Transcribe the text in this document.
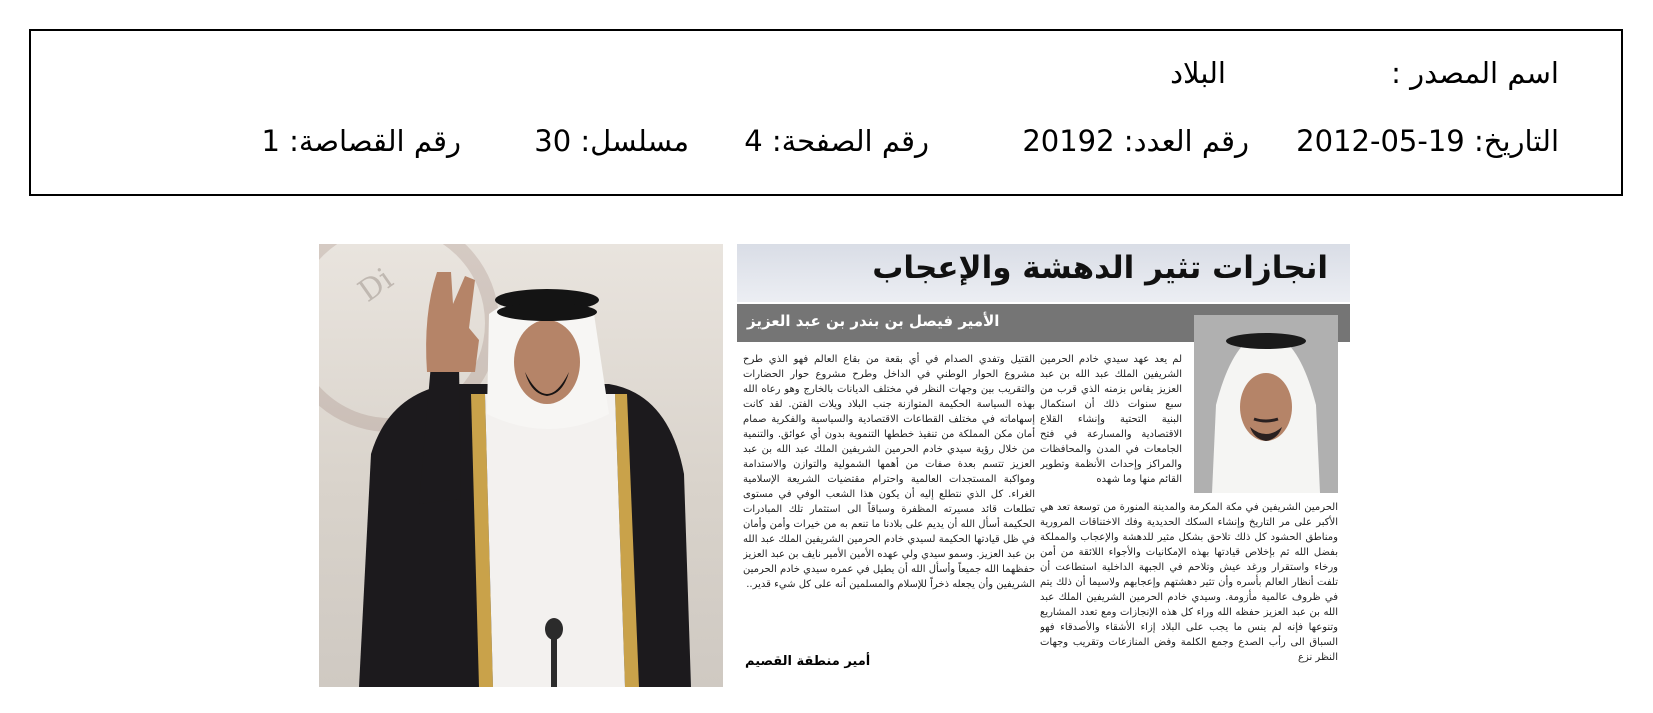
اسم المصدر :
البلاد
التاريخ: 19-05-2012
رقم العدد: 20192
رقم الصفحة: 4
مسلسل: 30
رقم القصاصة: 1
Di	انجازات تثير الدهشة والإعجاب
الأمير فيصل بن بندر بن عبد العزيز
لم يعد عهد سيدي خادم الحرمين الشريفين الملك عبد الله بن عبد العزيز يقاس بزمنه الذي قرب من سبع سنوات ذلك أن استكمال البنية التحتية وإنشاء القلاع الاقتصادية والمسارعة في فتح الجامعات في المدن والمحافظات والمراكز وإحداث الأنظمة وتطوير القائم منها وما شهده
القتيل وتفدي الصدام في أي بقعة من بقاع العالم فهو الذي طرح مشروع الحوار الوطني في الداخل وطرح مشروع حوار الحضارات والتقريب بين وجهات النظر في مختلف الديانات بالخارج وهو رعاه الله بهذه السياسة الحكيمة المتوازنة جنب البلاد ويلات الفتن. لقد كانت إسهاماته في مختلف القطاعات الاقتصادية والسياسية والفكرية صمام أمان مكن المملكة من تنفيذ خططها التنموية بدون أي عوائق. والتنمية من خلال رؤية سيدي خادم الحرمين الشريفين الملك عبد الله بن عبد العزيز تتسم بعدة صفات من أهمها الشمولية والتوازن والاستدامة ومواكبة المستجدات العالمية واحترام مقتضيات الشريعة الإسلامية الغراء. كل الذي نتطلع إليه أن يكون هذا الشعب الوفي في مستوى تطلعات قائد مسيرته المظفرة وسباقاً الى استثمار تلك المبادرات الحكيمة أسأل الله أن يديم على بلادنا ما تنعم به من خيرات وأمن وأمان في ظل قيادتها الحكيمة لسيدي خادم الحرمين الشريفين الملك عبد الله بن عبد العزيز. وسمو سيدي ولي عهده الأمين الأمير نايف بن عبد العزيز حفظهما الله جميعاً وأسأل الله أن يطيل في عمره سيدي خادم الحرمين الشريفين وأن يجعله ذخراً للإسلام والمسلمين أنه على كل شيء قدير..
الحرمين الشريفين في مكة المكرمة والمدينة المنورة من توسعة تعد هي الأكبر على مر التاريخ وإنشاء السكك الحديدية وفك الاختناقات المرورية ومناطق الحشود كل ذلك تلاحق بشكل مثير للدهشة والإعجاب والمملكة بفضل الله ثم بإخلاص قيادتها بهذه الإمكانيات والأجواء اللائقة من أمن ورخاء واستقرار ورغد عيش وتلاحم في الجبهة الداخلية استطاعت أن تلفت أنظار العالم بأسره وأن تثير دهشتهم وإعجابهم ولاسيما أن ذلك يتم في ظروف عالمية مأزومة. وسيدي خادم الحرمين الشريفين الملك عبد الله بن عبد العزيز حفظه الله وراء كل هذه الإنجازات ومع تعدد المشاريع وتنوعها فإنه لم ينس ما يجب على البلاد إزاء الأشقاء والأصدقاء فهو السباق الى رأب الصدع وجمع الكلمة وفض المنازعات وتقريب وجهات النظر نزع
أمير منطقة القصيم
